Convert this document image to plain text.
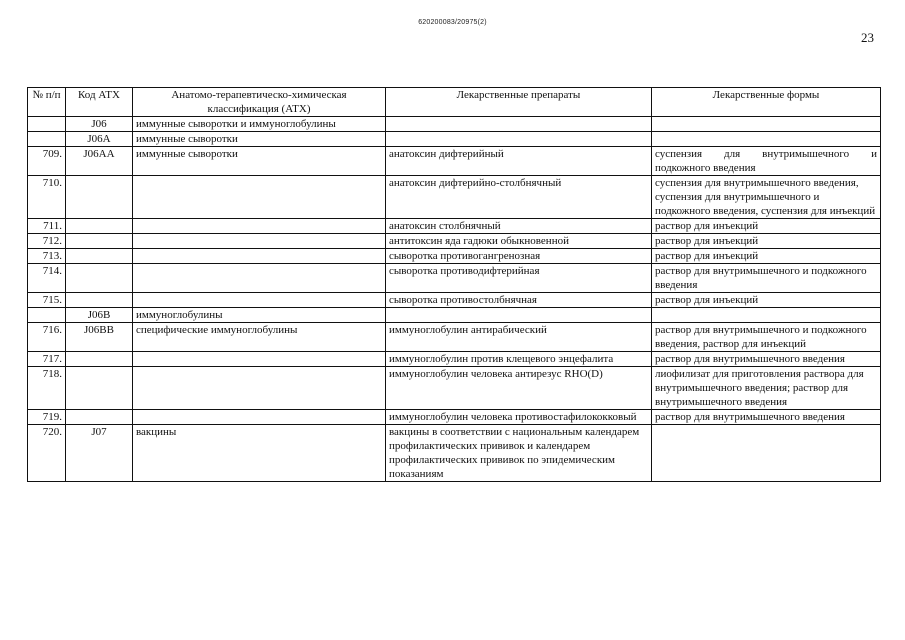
620200083/20975(2)
23
№ п/п	Код АТХ	Анатомо-терапевтическо-химическая классификация (АТХ)	Лекарственные препараты	Лекарственные формы
	J06	иммунные сыворотки и иммуноглобулины		
	J06A	иммунные сыворотки		
709.	J06AA	иммунные сыворотки	анатоксин дифтерийный	суспензия для внутримышечного и подкожного введения
710.			анатоксин дифтерийно-столбнячный	суспензия для внутримышечного введения, суспензия для внутримышечного и подкожного введения, суспензия для инъекций
711.			анатоксин столбнячный	раствор для инъекций
712.			антитоксин яда гадюки обыкновенной	раствор для инъекций
713.			сыворотка противогангренозная	раствор для инъекций
714.			сыворотка противодифтерийная	раствор для внутримышечного и подкожного введения
715.			сыворотка противостолбнячная	раствор для инъекций
	J06B	иммуноглобулины		
716.	J06BB	специфические иммуноглобулины	иммуноглобулин антирабический	раствор для внутримышечного и подкожного введения, раствор для инъекций
717.			иммуноглобулин против клещевого энцефалита	раствор для внутримышечного введения
718.			иммуноглобулин человека антирезус RHO(D)	лиофилизат для приготовления раствора для внутримышечного введения; раствор для внутримышечного введения
719.			иммуноглобулин человека противостафилококковый	раствор для внутримышечного введения
720.	J07	вакцины	вакцины в соответствии с национальным календарем профилактических прививок и календарем профилактических прививок по эпидемическим показаниям	
